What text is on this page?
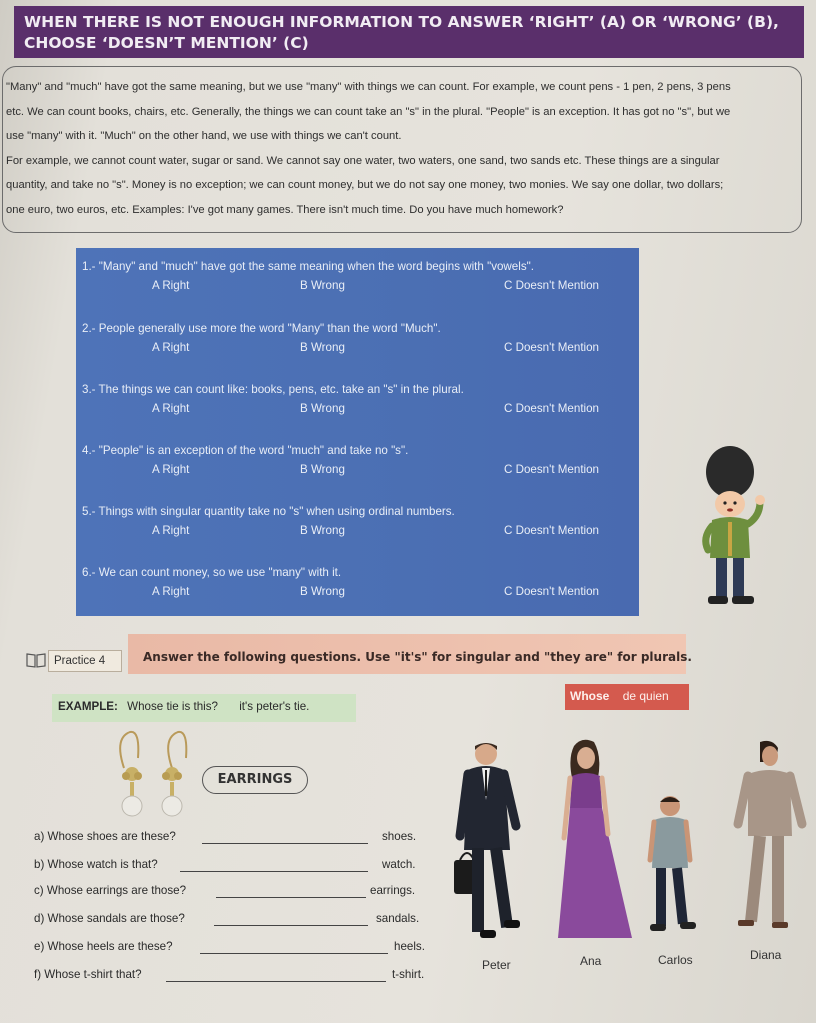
WHEN THERE IS NOT ENOUGH INFORMATION TO ANSWER ‘RIGHT’ (A) OR ‘WRONG’ (B),
CHOOSE ‘DOESN’T MENTION’ (C)
"Many" and "much" have got the same meaning, but we use "many" with things we can count. For example, we count pens - 1 pen, 2 pens, 3 pens
etc. We can count books, chairs, etc. Generally, the things we can count take an "s" in the plural. "People" is an exception. It has got no "s", but we
use "many" with it. "Much" on the other hand, we use with things we can't count.
For example, we cannot count water, sugar or sand. We cannot say one water, two waters, one sand, two sands etc. These things are a singular
quantity, and take no "s". Money is no exception; we can count money, but we do not say one money, two monies. We say one dollar, two dollars;
one euro, two euros, etc. Examples: I've got many games. There isn't much time. Do you have much homework?
1.- "Many" and "much" have got the same meaning when the word begins with "vowels".
A Right	B Wrong	C Doesn't Mention
2.- People generally use more the word "Many" than the word "Much".
A Right	B Wrong	C Doesn't Mention
3.- The things we can count like: books, pens, etc. take an "s" in the plural.
A Right	B Wrong	C Doesn't Mention
4.- "People" is an exception of the word "much" and take no "s".
A Right	B Wrong	C Doesn't Mention
5.- Things with singular quantity take no "s" when using ordinal numbers.
A Right	B Wrong	C Doesn't Mention
6.- We can count money, so we use "many" with it.
A Right	B Wrong	C Doesn't Mention
Practice 4	Answer the following questions. Use "it's" for singular and "they are" for plurals.
EXAMPLE: Whose tie is this? it's peter's tie.
Whose de quien
EARRINGS
a) Whose shoes are these?	shoes.
b) Whose watch is that?	watch.
c) Whose earrings are those?	earrings.
d) Whose sandals are those?	sandals.
e) Whose heels are these?	heels.
f) Whose t-shirt that?	t-shirt.
Peter	Ana	Carlos	Diana
